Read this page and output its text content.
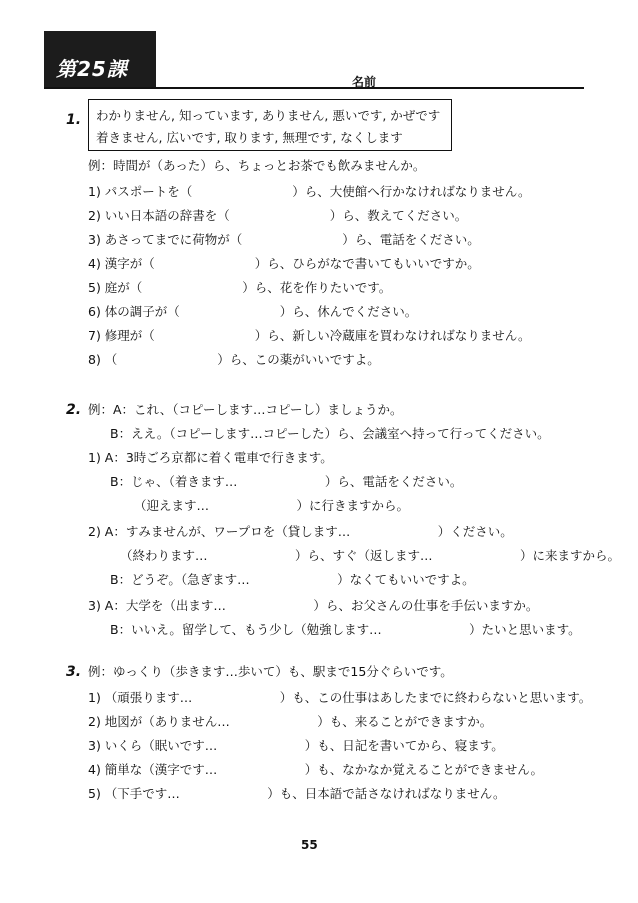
第25課
名前
1. わかりません, 知っています, ありません, 悪いです, かぜです
着きません, 広いです, 取ります, 無理です, なくします
例：時間が（あった）ら、ちょっとお茶でも飲みませんか。
1) パスポートを（　　　　　　　　）ら、大使館へ行かなければなりません。
2) いい日本語の辞書を（　　　　　　　　）ら、教えてください。
3) あさってまでに荷物が（　　　　　　　　）ら、電話をください。
4) 漢字が（　　　　　　　　）ら、ひらがなで書いてもいいですか。
5) 庭が（　　　　　　　　）ら、花を作りたいです。
6) 体の調子が（　　　　　　　　）ら、休んでください。
7) 修理が（　　　　　　　　）ら、新しい冷蔵庫を買わなければなりません。
8) （　　　　　　　　）ら、この薬がいいですよ。
2. 例：A：これ、（コピーします…コピーし）ましょうか。
B：ええ。（コピーします…コピーした）ら、会議室へ持って行ってください。
1) A：3時ごろ京都に着く電車で行きます。
B：じゃ、（着きます…　　　　　　　）ら、電話をください。
（迎えます…　　　　　　　）に行きますから。
2) A：すみませんが、ワープロを（貸します…　　　　　　　）ください。
（終わります…　　　　　　　）ら、すぐ（返します…　　　　　　　）に来ますから。
B：どうぞ。（急ぎます…　　　　　　　）なくてもいいですよ。
3) A：大学を（出ます…　　　　　　　）ら、お父さんの仕事を手伝いますか。
B：いいえ。留学して、もう少し（勉強します…　　　　　　　）たいと思います。
3. 例：ゆっくり（歩きます…歩いて）も、駅まで15分ぐらいです。
1) （頑張ります…　　　　　　　）も、この仕事はあしたまでに終わらないと思います。
2) 地図が（ありません…　　　　　　　）も、来ることができますか。
3) いくら（眠いです…　　　　　　　）も、日記を書いてから、寝ます。
4) 簡単な（漢字です…　　　　　　　）も、なかなか覚えることができません。
5) （下手です…　　　　　　　）も、日本語で話さなければなりません。
55
